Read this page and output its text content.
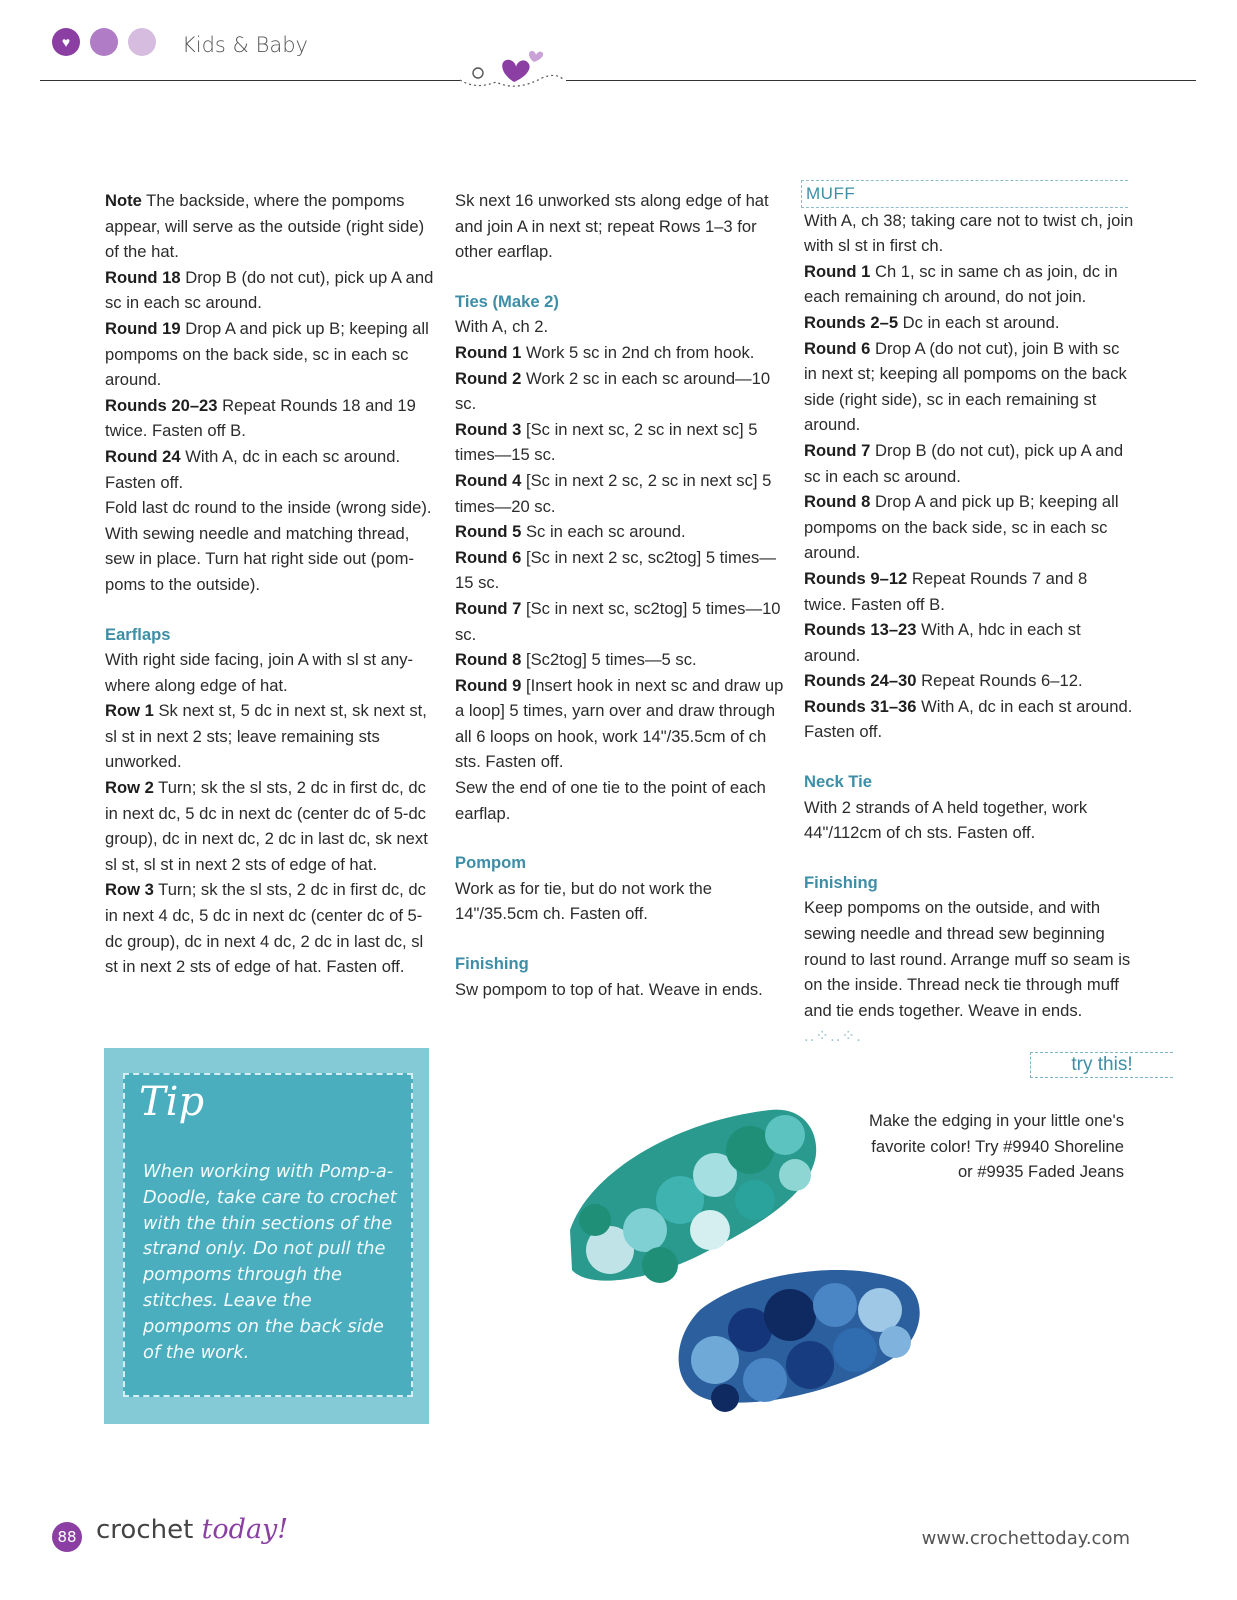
♥	Kids & Baby

Note The backside, where the pompoms appear, will serve as the outside (right side) of the hat.

Round 18 Drop B (do not cut), pick up A and sc in each sc around.

Round 19 Drop A and pick up B; keeping all pompoms on the back side, sc in each sc around.

Rounds 20–23 Repeat Rounds 18 and 19 twice. Fasten off B.

Round 24 With A, dc in each sc around. Fasten off.

Fold last dc round to the inside (wrong side). With sewing needle and matching thread, sew in place. Turn hat right side out (pom-poms to the outside).

Earflaps

With right side facing, join A with sl st any-where along edge of hat.

Row 1 Sk next st, 5 dc in next st, sk next st, sl st in next 2 sts; leave remaining sts unworked.

Row 2 Turn; sk the sl sts, 2 dc in first dc, dc in next dc, 5 dc in next dc (center dc of 5-dc group), dc in next dc, 2 dc in last dc, sk next sl st, sl st in next 2 sts of edge of hat.

Row 3 Turn; sk the sl sts, 2 dc in first dc, dc in next 4 dc, 5 dc in next dc (center dc of 5-dc group), dc in next 4 dc, 2 dc in last dc, sl st in next 2 sts of edge of hat. Fasten off.

Sk next 16 unworked sts along edge of hat and join A in next st; repeat Rows 1–3 for other earflap.

Ties (Make 2)

With A, ch 2.

Round 1 Work 5 sc in 2nd ch from hook.

Round 2 Work 2 sc in each sc around—10 sc.

Round 3 [Sc in next sc, 2 sc in next sc] 5 times—15 sc.

Round 4 [Sc in next 2 sc, 2 sc in next sc] 5 times—20 sc.

Round 5 Sc in each sc around.

Round 6 [Sc in next 2 sc, sc2tog] 5 times—15 sc.

Round 7 [Sc in next sc, sc2tog] 5 times—10 sc.

Round 8 [Sc2tog] 5 times—5 sc.

Round 9 [Insert hook in next sc and draw up a loop] 5 times, yarn over and draw through all 6 loops on hook, work 14"/35.5cm of ch sts. Fasten off.

Sew the end of one tie to the point of each earflap.

Pompom

Work as for tie, but do not work the 14"/35.5cm ch. Fasten off.

Finishing

Sw pompom to top of hat. Weave in ends.

MUFF

With A, ch 38; taking care not to twist ch, join with sl st in first ch.

Round 1 Ch 1, sc in same ch as join, dc in each remaining ch around, do not join.

Rounds 2–5 Dc in each st around.

Round 6 Drop A (do not cut), join B with sc in next st; keeping all pompoms on the back side (right side), sc in each remaining st around.

Round 7 Drop B (do not cut), pick up A and sc in each sc around.

Round 8 Drop A and pick up B; keeping all pompoms on the back side, sc in each sc around.

Rounds 9–12 Repeat Rounds 7 and 8 twice. Fasten off B.

Rounds 13–23 With A, hdc in each st around.

Rounds 24–30 Repeat Rounds 6–12.

Rounds 31–36 With A, dc in each st around. Fasten off.

Neck Tie

With 2 strands of A held together, work 44"/112cm of ch sts. Fasten off.

Finishing

Keep pompoms on the outside, and with sewing needle and thread sew beginning round to last round. Arrange muff so seam is on the inside. Thread neck tie through muff and tie ends together. Weave in ends. ..⁘..⁘.

Tip
When working with Pomp-a-Doodle, take care to crochet with the thin sections of the strand only. Do not pull the pompoms through the stitches. Leave the pompoms on the back side of the work.
try this!
Make the edging in your little one's favorite color! Try #9940 Shoreline or #9935 Faded Jeans
88 crochet today!	www.crochettoday.com
